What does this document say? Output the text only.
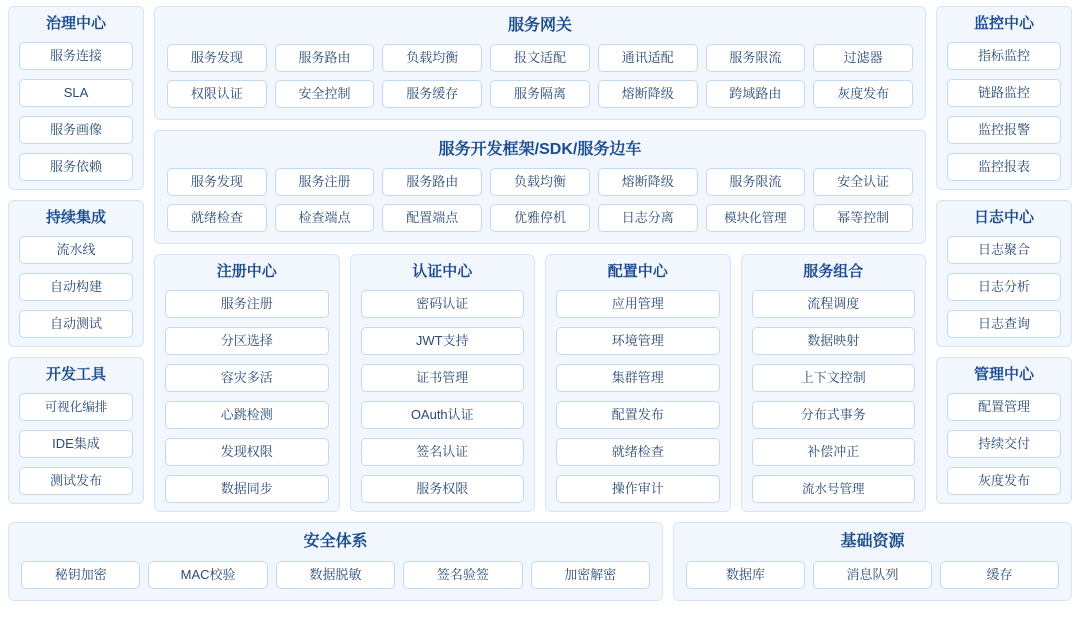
治理中心
服务连接
SLA
服务画像
服务依赖
持续集成
流水线
自动构建
自动测试
开发工具
可视化编排
IDE集成
测试发布
服务网关
服务发现	服务路由	负载均衡	报文适配	通讯适配	服务限流	过滤器
权限认证	安全控制	服务缓存	服务隔离	熔断降级	跨域路由	灰度发布
服务开发框架/SDK/服务边车
服务发现	服务注册	服务路由	负载均衡	熔断降级	服务限流	安全认证
就绪检查	检查端点	配置端点	优雅停机	日志分离	模块化管理	幂等控制
注册中心
服务注册
分区选择
容灾多活
心跳检测
发现权限
数据同步
认证中心
密码认证
JWT支持
证书管理
OAuth认证
签名认证
服务权限
配置中心
应用管理
环境管理
集群管理
配置发布
就绪检查
操作审计
服务组合
流程调度
数据映射
上下文控制
分布式事务
补偿冲正
流水号管理
监控中心
指标监控
链路监控
监控报警
监控报表
日志中心
日志聚合
日志分析
日志查询
管理中心
配置管理
持续交付
灰度发布
安全体系
秘钥加密	MAC校验	数据脱敏	签名验签	加密解密
基础资源
数据库	消息队列	缓存
